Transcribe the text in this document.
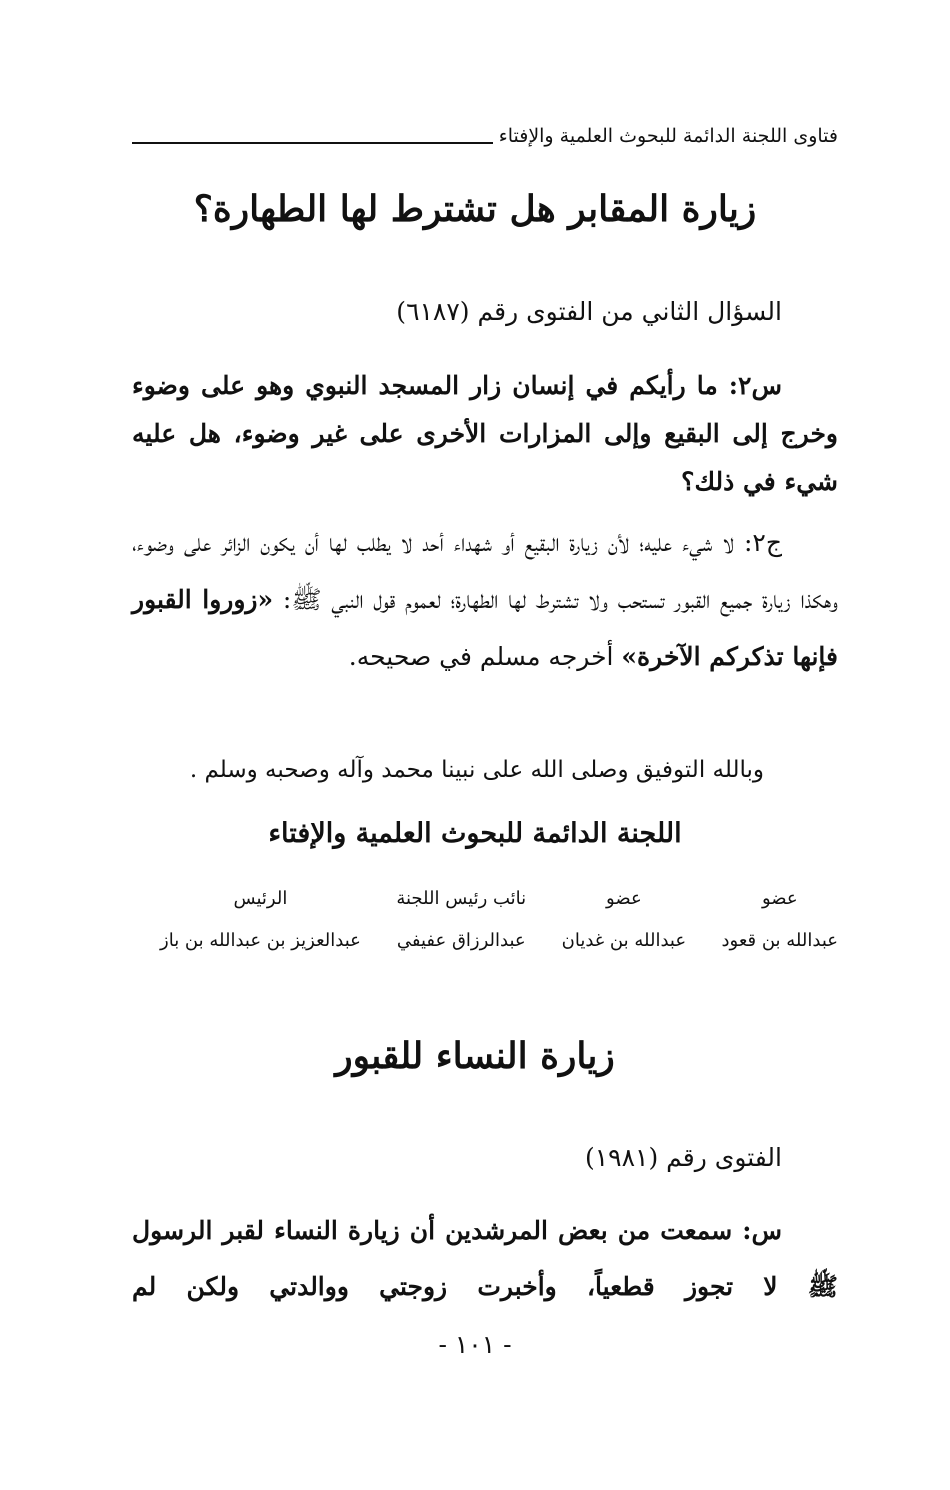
فتاوى اللجنة الدائمة للبحوث العلمية والإفتاء
زيارة المقابر هل تشترط لها الطهارة؟
السؤال الثاني من الفتوى رقم (٦١٨٧)
س٢: ما رأيكم في إنسان زار المسجد النبوي وهو على وضوء وخرج إلى البقيع وإلى المزارات الأخرى على غير وضوء، هل عليه شيء في ذلك؟
ج٢: لا شيء عليه؛ لأن زيارة البقيع أو شهداء أحد لا يطلب لها أن يكون الزائر على وضوء، وهكذا زيارة جميع القبور تستحب ولا تشترط لها الطهارة؛ لعموم قول النبي ﷺ: «زوروا القبور فإنها تذكركم الآخرة» أخرجه مسلم في صحيحه.
وبالله التوفيق وصلى الله على نبينا محمد وآله وصحبه وسلم .
اللجنة الدائمة للبحوث العلمية والإفتاء
عضو
عبدالله بن قعود
عضو
عبدالله بن غديان
نائب رئيس اللجنة
عبدالرزاق عفيفي
الرئيس
عبدالعزيز بن عبدالله بن باز
زيارة النساء للقبور
الفتوى رقم (١٩٨١)
س: سمعت من بعض المرشدين أن زيارة النساء لقبر الرسول ﷺ لا تجوز قطعياً، وأخبرت زوجتي ووالدتي ولكن لم
- ١٠١ -
